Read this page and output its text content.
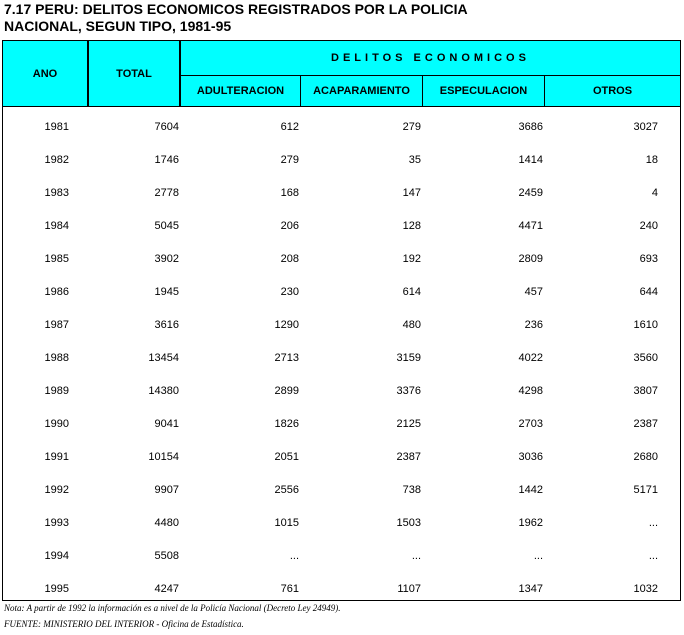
7.17 PERU: DELITOS ECONOMICOS REGISTRADOS POR LA POLICIA
NACIONAL, SEGUN TIPO, 1981-95
ANO	TOTAL
DELITOS ECONOMICOS
ADULTERACION	ACAPARAMIENTO	ESPECULACION	OTROS
1981	7604	612	279	3686	3027
1982	1746	279	35	1414	18
1983	2778	168	147	2459	4
1984	5045	206	128	4471	240
1985	3902	208	192	2809	693
1986	1945	230	614	457	644
1987	3616	1290	480	236	1610
1988	13454	2713	3159	4022	3560
1989	14380	2899	3376	4298	3807
1990	9041	1826	2125	2703	2387
1991	10154	2051	2387	3036	2680
1992	9907	2556	738	1442	5171
1993	4480	1015	1503	1962	...
1994	5508	...	...	...	...
1995	4247	761	1107	1347	1032
Nota: A partir de 1992 la información es a nivel de la Policía Nacional (Decreto Ley 24949).
FUENTE: MINISTERIO DEL INTERIOR - Oficina de Estadística.
